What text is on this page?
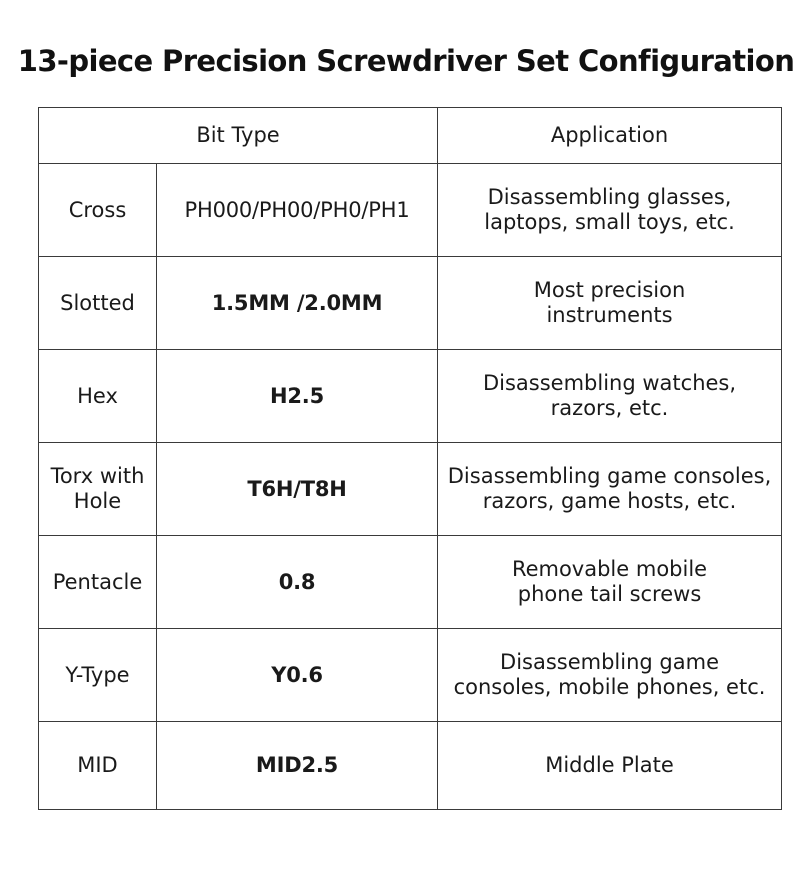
13-piece Precision Screwdriver Set Configuration
Bit Type		Application
Cross	PH000/PH00/PH0/PH1	Disassembling glasses, laptops, small toys, etc.
Slotted	1.5MM /2.0MM	Most precision instruments
Hex	H2.5	Disassembling watches, razors, etc.
Torx with Hole	T6H/T8H	Disassembling game consoles, razors, game hosts, etc.
Pentacle	0.8	Removable mobile phone tail screws
Y-Type	Y0.6	Disassembling game consoles, mobile phones, etc.
MID	MID2.5	Middle Plate
